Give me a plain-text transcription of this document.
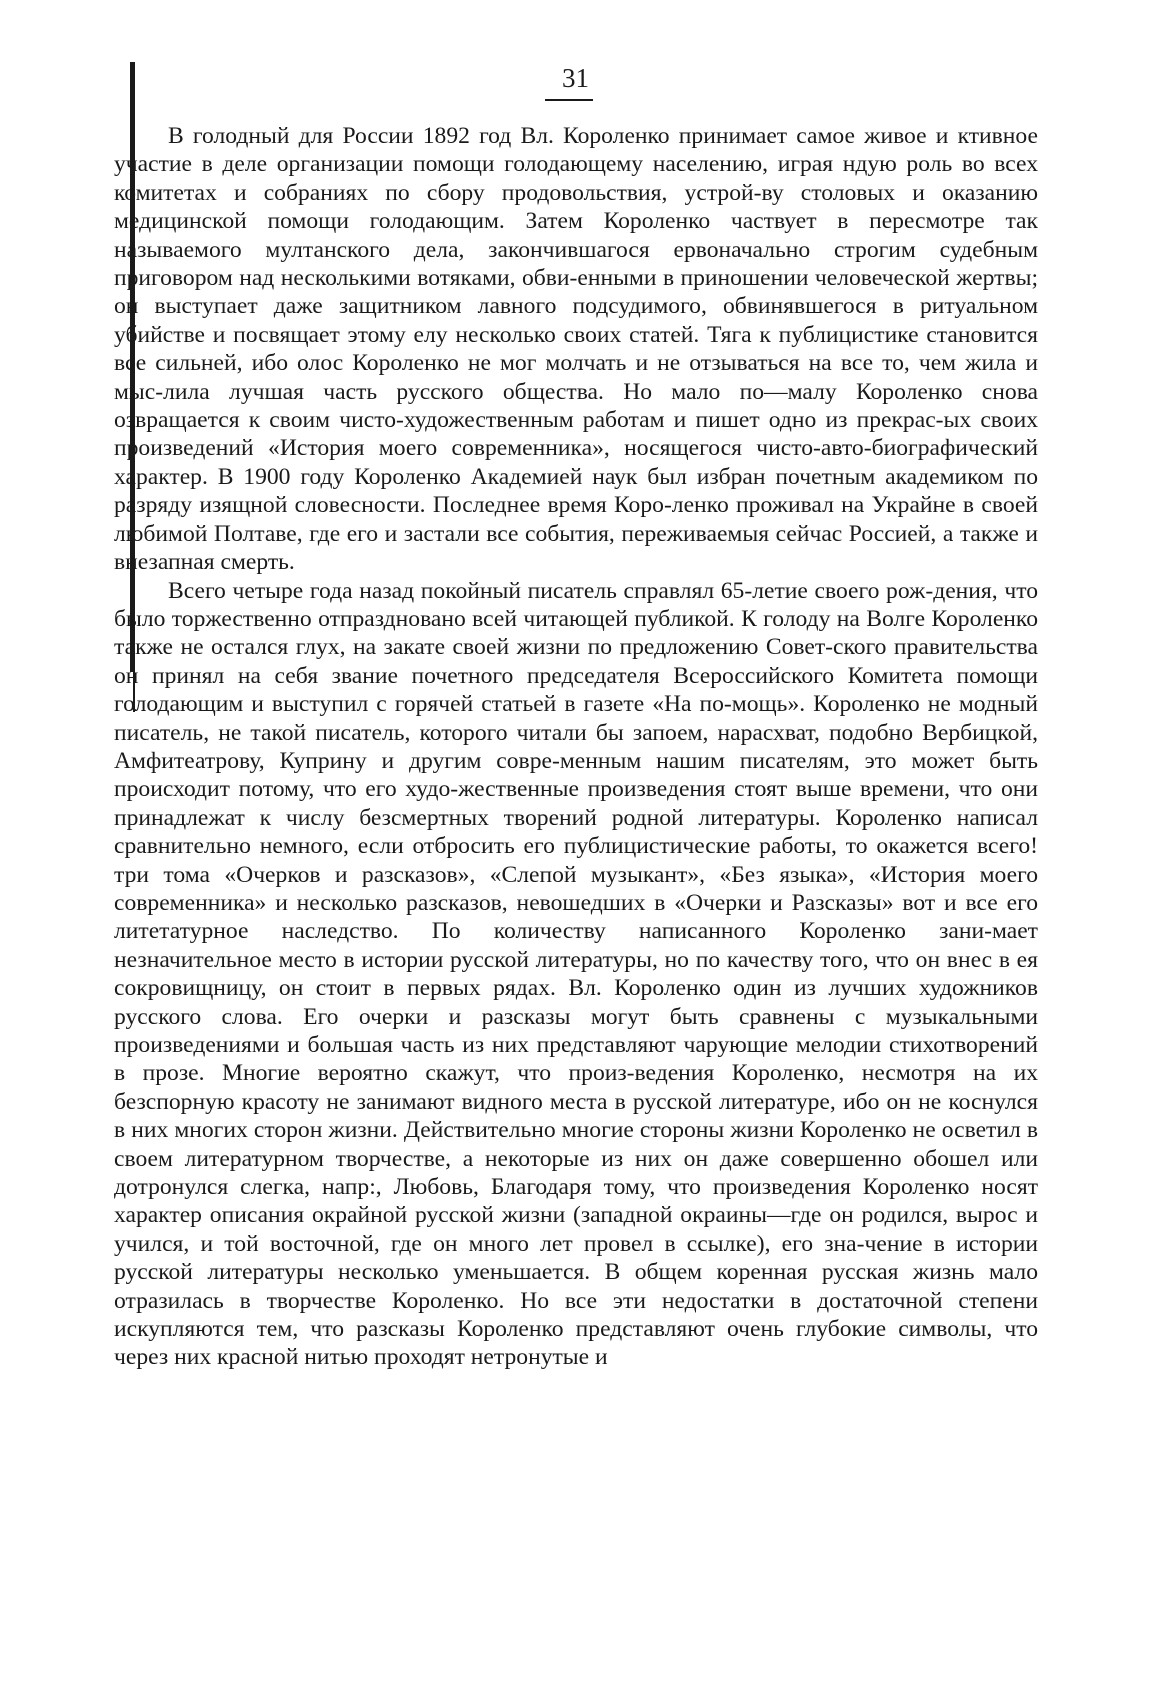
31

В голодный для России 1892 год Вл. Короленко принимает самое живое и ктивное участие в деле организации помощи голодающему населению, играя ндую роль во всех комитетах и собраниях по сбору продовольствия, устрой-ву столовых и оказанию медицинской помощи голодающим. Затем Короленко частвует в пересмотре так называемого мултанского дела, закончившагося ервоначально строгим судебным приговором над несколькими вотяками, обви-енными в приношении человеческой жертвы; он выступает даже защитником лавного подсудимого, обвинявшегося в ритуальном убийстве и посвящает этому елу несколько своих статей. Тяга к публицистике становится все сильней, ибо олос Короленко не мог молчать и не отзываться на все то, чем жила и мыс-лила лучшая часть русского общества. Но мало по—малу Короленко снова озвращается к своим чисто-художественным работам и пишет одно из прекрас-ых своих произведений «История моего современника», носящегося чисто-авто-биографический характер. В 1900 году Короленко Академией наук был избран почетным академиком по разряду изящной словесности. Последнее время Коро-ленко проживал на Украйне в своей любимой Полтаве, где его и застали все события, переживаемыя сейчас Россией, а также и внезапная смерть.

Всего четыре года назад покойный писатель справлял 65-летие своего рож-дения, что было торжественно отпраздновано всей читающей публикой. К голоду на Волге Короленко также не остался глух, на закате своей жизни по предложению Совет-ского правительства он принял на себя звание почетного председателя Всероссийского Комитета помощи голодающим и выступил с горячей статьей в газете «На по-мощь». Короленко не модный писатель, не такой писатель, которого читали бы запоем, нарасхват, подобно Вербицкой, Амфитеатрову, Куприну и другим совре-менным нашим писателям, это может быть происходит потому, что его худо-жественные произведения стоят выше времени, что они принадлежат к числу безсмертных творений родной литературы. Короленко написал сравнительно немного, если отбросить его публицистические работы, то окажется всего! три тома «Очерков и разсказов», «Слепой музыкант», «Без языка», «История моего современника» и несколько разсказов, невошедших в «Очерки и Разсказы» вот и все его литетатурное наследство. По количеству написанного Короленко зани-мает незначительное место в истории русской литературы, но по качеству того, что он внес в ея сокровищницу, он стоит в первых рядах. Вл. Короленко один из лучших художников русского слова. Его очерки и разсказы могут быть сравнены с музыкальными произведениями и большая часть из них представляют чарующие мелодии стихотворений в прозе. Многие вероятно скажут, что произ-ведения Короленко, несмотря на их безспорную красоту не занимают видного места в русской литературе, ибо он не коснулся в них многих сторон жизни. Действительно многие стороны жизни Короленко не осветил в своем литературном творчестве, а некоторые из них он даже совершенно обошел или дотронулся слегка, напр:, Любовь, Благодаря тому, что произведения Короленко носят характер описания окрайной русской жизни (западной окраины—где он родился, вырос и учился, и той восточной, где он много лет провел в ссылке), его зна-чение в истории русской литературы несколько уменьшается. В общем коренная русская жизнь мало отразилась в творчестве Короленко. Но все эти недостатки в достаточной степени искупляются тем, что разсказы Короленко представляют очень глубокие символы, что через них красной нитью проходят нетронутые и
